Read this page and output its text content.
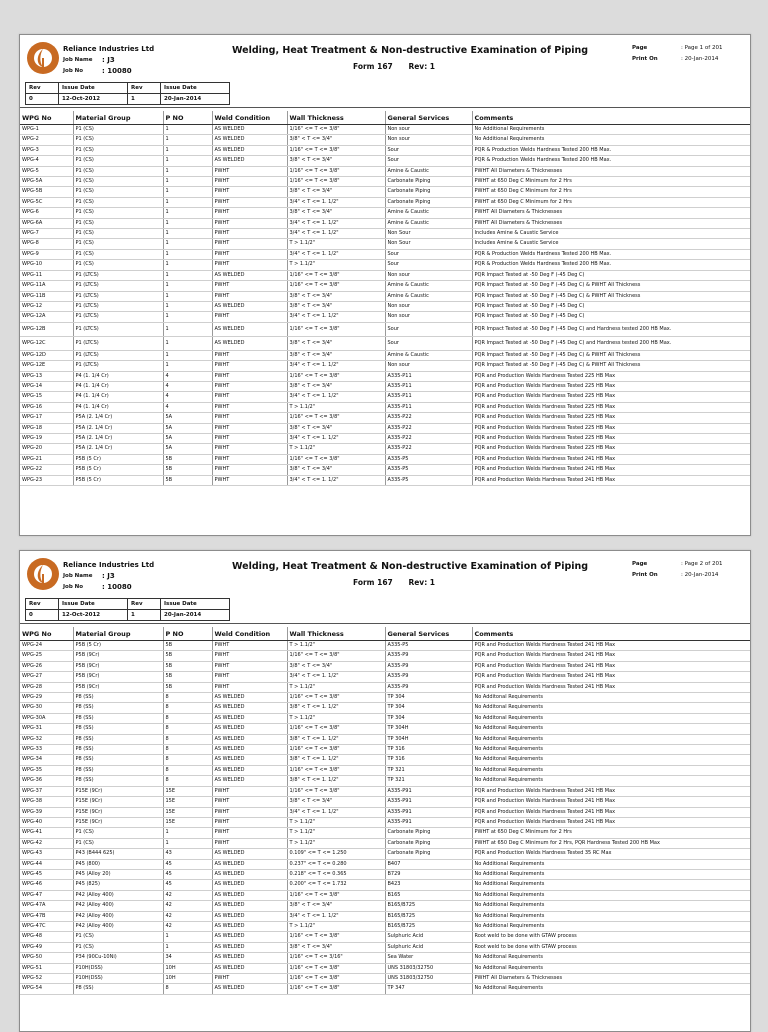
Reliance Industries Ltd
Job Name : J3
Job No	: 10080
Welding, Heat Treatment & Non-destructive Examination of Piping
Form 167 Rev: 1
Page	: Page 1 of 201
Print On	: 20-Jan-2014
Rev	Issue Date	Rev	Issue Date
0	12-Oct-2012	1	20-Jan-2014
WPG No	Material Group	P NO	Weld Condition	Wall Thickness	General Services	Comments
WPG-1	P1 (CS)	1	AS WELDED	1/16" <= T <= 3/8"	Non sour	No Additional Requirements
WPG-2	P1 (CS)	1	AS WELDED	3/8" < T <= 3/4"	Non sour	No Additional Requirements
WPG-3	P1 (CS)	1	AS WELDED	1/16" <= T <= 3/8"	Sour	PQR & Production Welds Hardness Tested 200 HB Max.
WPG-4	P1 (CS)	1	AS WELDED	3/8" < T <= 3/4"	Sour	PQR & Production Welds Hardness Tested 200 HB Max.
WPG-5	P1 (CS)	1	PWHT	1/16" <= T <= 3/8"	Amine & Caustic	PWHT All Diameters & Thicknesses
WPG-5A	P1 (CS)	1	PWHT	1/16" <= T <= 3/8"	Carbonate Piping	PWHT at 650 Deg C Minimum for 2 Hrs
WPG-5B	P1 (CS)	1	PWHT	3/8" < T <= 3/4"	Carbonate Piping	PWHT at 650 Deg C Minimum for 2 Hrs
WPG-5C	P1 (CS)	1	PWHT	3/4" < T <= 1. 1/2"	Carbonate Piping	PWHT at 650 Deg C Minimum for 2 Hrs
WPG-6	P1 (CS)	1	PWHT	3/8" < T <= 3/4"	Amine & Caustic	PWHT All Diameters & Thicknesses
WPG-6A	P1 (CS)	1	PWHT	3/4" < T <= 1. 1/2"	Amine & Caustic	PWHT All Diameters & Thicknesses
WPG-7	P1 (CS)	1	PWHT	3/4" < T <= 1. 1/2"	Non Sour	Includes Amine & Caustic Service
WPG-8	P1 (CS)	1	PWHT	T > 1.1/2"	Non Sour	Includes Amine & Caustic Service
WPG-9	P1 (CS)	1	PWHT	3/4" < T <= 1. 1/2"	Sour	PQR & Production Welds Hardness Tested 200 HB Max.
WPG-10	P1 (CS)	1	PWHT	T > 1.1/2"	Sour	PQR & Production Welds Hardness Tested 200 HB Max.
WPG-11	P1 (LTCS)	1	AS WELDED	1/16" <= T <= 3/8"	Non sour	PQR Impact Tested at -50 Deg F (-45 Deg C)
WPG-11A	P1 (LTCS)	1	PWHT	1/16" <= T <= 3/8"	Amine & Caustic	PQR Impact Tested at -50 Deg F (-45 Deg C) & PWHT All Thickness
WPG-11B	P1 (LTCS)	1	PWHT	3/8" < T <= 3/4"	Amine & Caustic	PQR Impact Tested at -50 Deg F (-45 Deg C) & PWHT All Thickness
WPG-12	P1 (LTCS)	1	AS WELDED	3/8" < T <= 3/4"	Non sour	PQR Impact Tested at -50 Deg F (-45 Deg C)
WPG-12A	P1 (LTCS)	1	PWHT	3/4" < T <= 1. 1/2"	Non sour	PQR Impact Tested at -50 Deg F (-45 Deg C)
WPG-12B	P1 (LTCS)	1	AS WELDED	1/16" <= T <= 3/8"	Sour	PQR Impact Tested at -50 Deg F (-45 Deg C) and Hardness tested 200 HB Max.
WPG-12C	P1 (LTCS)	1	AS WELDED	3/8" < T <= 3/4"	Sour	PQR Impact Tested at -50 Deg F (-45 Deg C) and Hardness tested 200 HB Max.
WPG-12D	P1 (LTCS)	1	PWHT	3/8" < T <= 3/4"	Amine & Caustic	PQR Impact Tested at -50 Deg F (-45 Deg C) & PWHT All Thickness
WPG-12E	P1 (LTCS)	1	PWHT	3/4" < T <= 1. 1/2"	Non sour	PQR Impact Tested at -50 Deg F (-45 Deg C) & PWHT All Thickness
WPG-13	P4 (1. 1/4 Cr)	4	PWHT	1/16" <= T <= 3/8"	A335-P11	PQR and Production Welds Hardness Tested 225 HB Max
WPG-14	P4 (1. 1/4 Cr)	4	PWHT	3/8" < T <= 3/4"	A335-P11	PQR and Production Welds Hardness Tested 225 HB Max
WPG-15	P4 (1. 1/4 Cr)	4	PWHT	3/4" < T <= 1. 1/2"	A335-P11	PQR and Production Welds Hardness Tested 225 HB Max
WPG-16	P4 (1. 1/4 Cr)	4	PWHT	T > 1.1/2"	A335-P11	PQR and Production Welds Hardness Tested 225 HB Max
WPG-17	P5A (2. 1/4 Cr)	5A	PWHT	1/16" <= T <= 3/8"	A335-P22	PQR and Production Welds Hardness Tested 225 HB Max
WPG-18	P5A (2. 1/4 Cr)	5A	PWHT	3/8" < T <= 3/4"	A335-P22	PQR and Production Welds Hardness Tested 225 HB Max
WPG-19	P5A (2. 1/4 Cr)	5A	PWHT	3/4" < T <= 1. 1/2"	A335-P22	PQR and Production Welds Hardness Tested 225 HB Max
WPG-20	P5A (2. 1/4 Cr)	5A	PWHT	T > 1.1/2"	A335-P22	PQR and Production Welds Hardness Tested 225 HB Max
WPG-21	P5B (5 Cr)	5B	PWHT	1/16" <= T <= 3/8"	A335-P5	PQR and Production Welds Hardness Tested 241 HB Max
WPG-22	P5B (5 Cr)	5B	PWHT	3/8" < T <= 3/4"	A335-P5	PQR and Production Welds Hardness Tested 241 HB Max
WPG-23	P5B (5 Cr)	5B	PWHT	3/4" < T <= 1. 1/2"	A335-P5	PQR and Production Welds Hardness Tested 241 HB Max
Reliance Industries Ltd
Job Name : J3
Job No	: 10080
Welding, Heat Treatment & Non-destructive Examination of Piping
Form 167 Rev: 1
Page	: Page 2 of 201
Print On	: 20-Jan-2014
Rev	Issue Date	Rev	Issue Date
0	12-Oct-2012	1	20-Jan-2014
WPG No	Material Group	P NO	Weld Condition	Wall Thickness	General Services	Comments
WPG-24	P5B (5 Cr)	5B	PWHT	T > 1.1/2"	A335-P5	PQR and Production Welds Hardness Tested 241 HB Max
WPG-25	P5B (9Cr)	5B	PWHT	1/16" <= T <= 3/8"	A335-P9	PQR and Production Welds Hardness Tested 241 HB Max
WPG-26	P5B (9Cr)	5B	PWHT	3/8" < T <= 3/4"	A335-P9	PQR and Production Welds Hardness Tested 241 HB Max
WPG-27	P5B (9Cr)	5B	PWHT	3/4" < T <= 1. 1/2"	A335-P9	PQR and Production Welds Hardness Tested 241 HB Max
WPG-28	P5B (9Cr)	5B	PWHT	T > 1.1/2"	A335-P9	PQR and Production Welds Hardness Tested 241 HB Max
WPG-29	P8 (SS)	8	AS WELDED	1/16" <= T <= 3/8"	TP 304	No Additonal Requirements
WPG-30	P8 (SS)	8	AS WELDED	3/8" < T <= 1. 1/2"	TP 304	No Additonal Requirements
WPG-30A	P8 (SS)	8	AS WELDED	T > 1.1/2"	TP 304	No Additonal Requirements
WPG-31	P8 (SS)	8	AS WELDED	1/16" <= T <= 3/8"	TP 304H	No Additonal Requirements
WPG-32	P8 (SS)	8	AS WELDED	3/8" < T <= 1. 1/2"	TP 304H	No Additonal Requirements
WPG-33	P8 (SS)	8	AS WELDED	1/16" <= T <= 3/8"	TP 316	No Additonal Requirements
WPG-34	P8 (SS)	8	AS WELDED	3/8" < T <= 1. 1/2"	TP 316	No Additonal Requirements
WPG-35	P8 (SS)	8	AS WELDED	1/16" <= T <= 3/8"	TP 321	No Additonal Requirements
WPG-36	P8 (SS)	8	AS WELDED	3/8" < T <= 1. 1/2"	TP 321	No Additonal Requirements
WPG-37	P15E (9Cr)	15E	PWHT	1/16" <= T <= 3/8"	A335-P91	PQR and Production Welds Hardness Tested 241 HB Max
WPG-38	P15E (9Cr)	15E	PWHT	3/8" < T <= 3/4"	A335-P91	PQR and Production Welds Hardness Tested 241 HB Max
WPG-39	P15E (9Cr)	15E	PWHT	3/4" < T <= 1. 1/2"	A335-P91	PQR and Production Welds Hardness Tested 241 HB Max
WPG-40	P15E (9Cr)	15E	PWHT	T > 1.1/2"	A335-P91	PQR and Production Welds Hardness Tested 241 HB Max
WPG-41	P1 (CS)	1	PWHT	T > 1.1/2"	Carbonate Piping	PWHT at 650 Deg C Minimum for 2 Hrs
WPG-42	P1 (CS)	1	PWHT	T > 1.1/2"	Carbonate Piping	PWHT at 650 Deg C Minimum for 2 Hrs, PQR Hardness Tested 200 HB Max
WPG-43	P43 (B444 625)	43	AS WELDED	0.109" <= T <= 1.250	Carbonate Piping	PQR and Production Welds Hardness Tested 35 RC Max
WPG-44	P45 (800)	45	AS WELDED	0.237" <= T <= 0.280	B407	No Additional Requirements
WPG-45	P45 (Alloy 20)	45	AS WELDED	0.218" <= T <= 0.365	B729	No Additional Requirements
WPG-46	P45 (825)	45	AS WELDED	0.200" <= T <= 1.732	B423	No Additional Requirements
WPG-47	P42 (Alloy 400)	42	AS WELDED	1/16" <= T <= 3/8"	B165	No Additional Requirements
WPG-47A	P42 (Alloy 400)	42	AS WELDED	3/8" < T <= 3/4"	B165/B725	No Additional Requirements
WPG-47B	P42 (Alloy 400)	42	AS WELDED	3/4" < T <= 1. 1/2"	B165/B725	No Additional Requirements
WPG-47C	P42 (Alloy 400)	42	AS WELDED	T > 1.1/2"	B165/B725	No Additional Requirements
WPG-48	P1 (CS)	1	AS WELDED	1/16" <= T <= 3/8"	Sulphuric Acid	Root weld to be done with GTAW process
WPG-49	P1 (CS)	1	AS WELDED	3/8" < T <= 3/4"	Sulphuric Acid	Root weld to be done with GTAW process
WPG-50	P34 (90Cu-10Ni)	34	AS WELDED	1/16" <= T <= 3/16"	Sea Water	No Additonal Requirements
WPG-51	P10H(DSS)	10H	AS WELDED	1/16" <= T <= 3/8"	UNS 31803/32750	No Additonal Requirements
WPG-52	P10H(DSS)	10H	PWHT	1/16" <= T <= 3/8"	UNS 31803/32750	PWHT All Diameters & Thicknesses
WPG-54	P8 (SS)	8	AS WELDED	1/16" <= T <= 3/8"	TP 347	No Additonal Requirements
